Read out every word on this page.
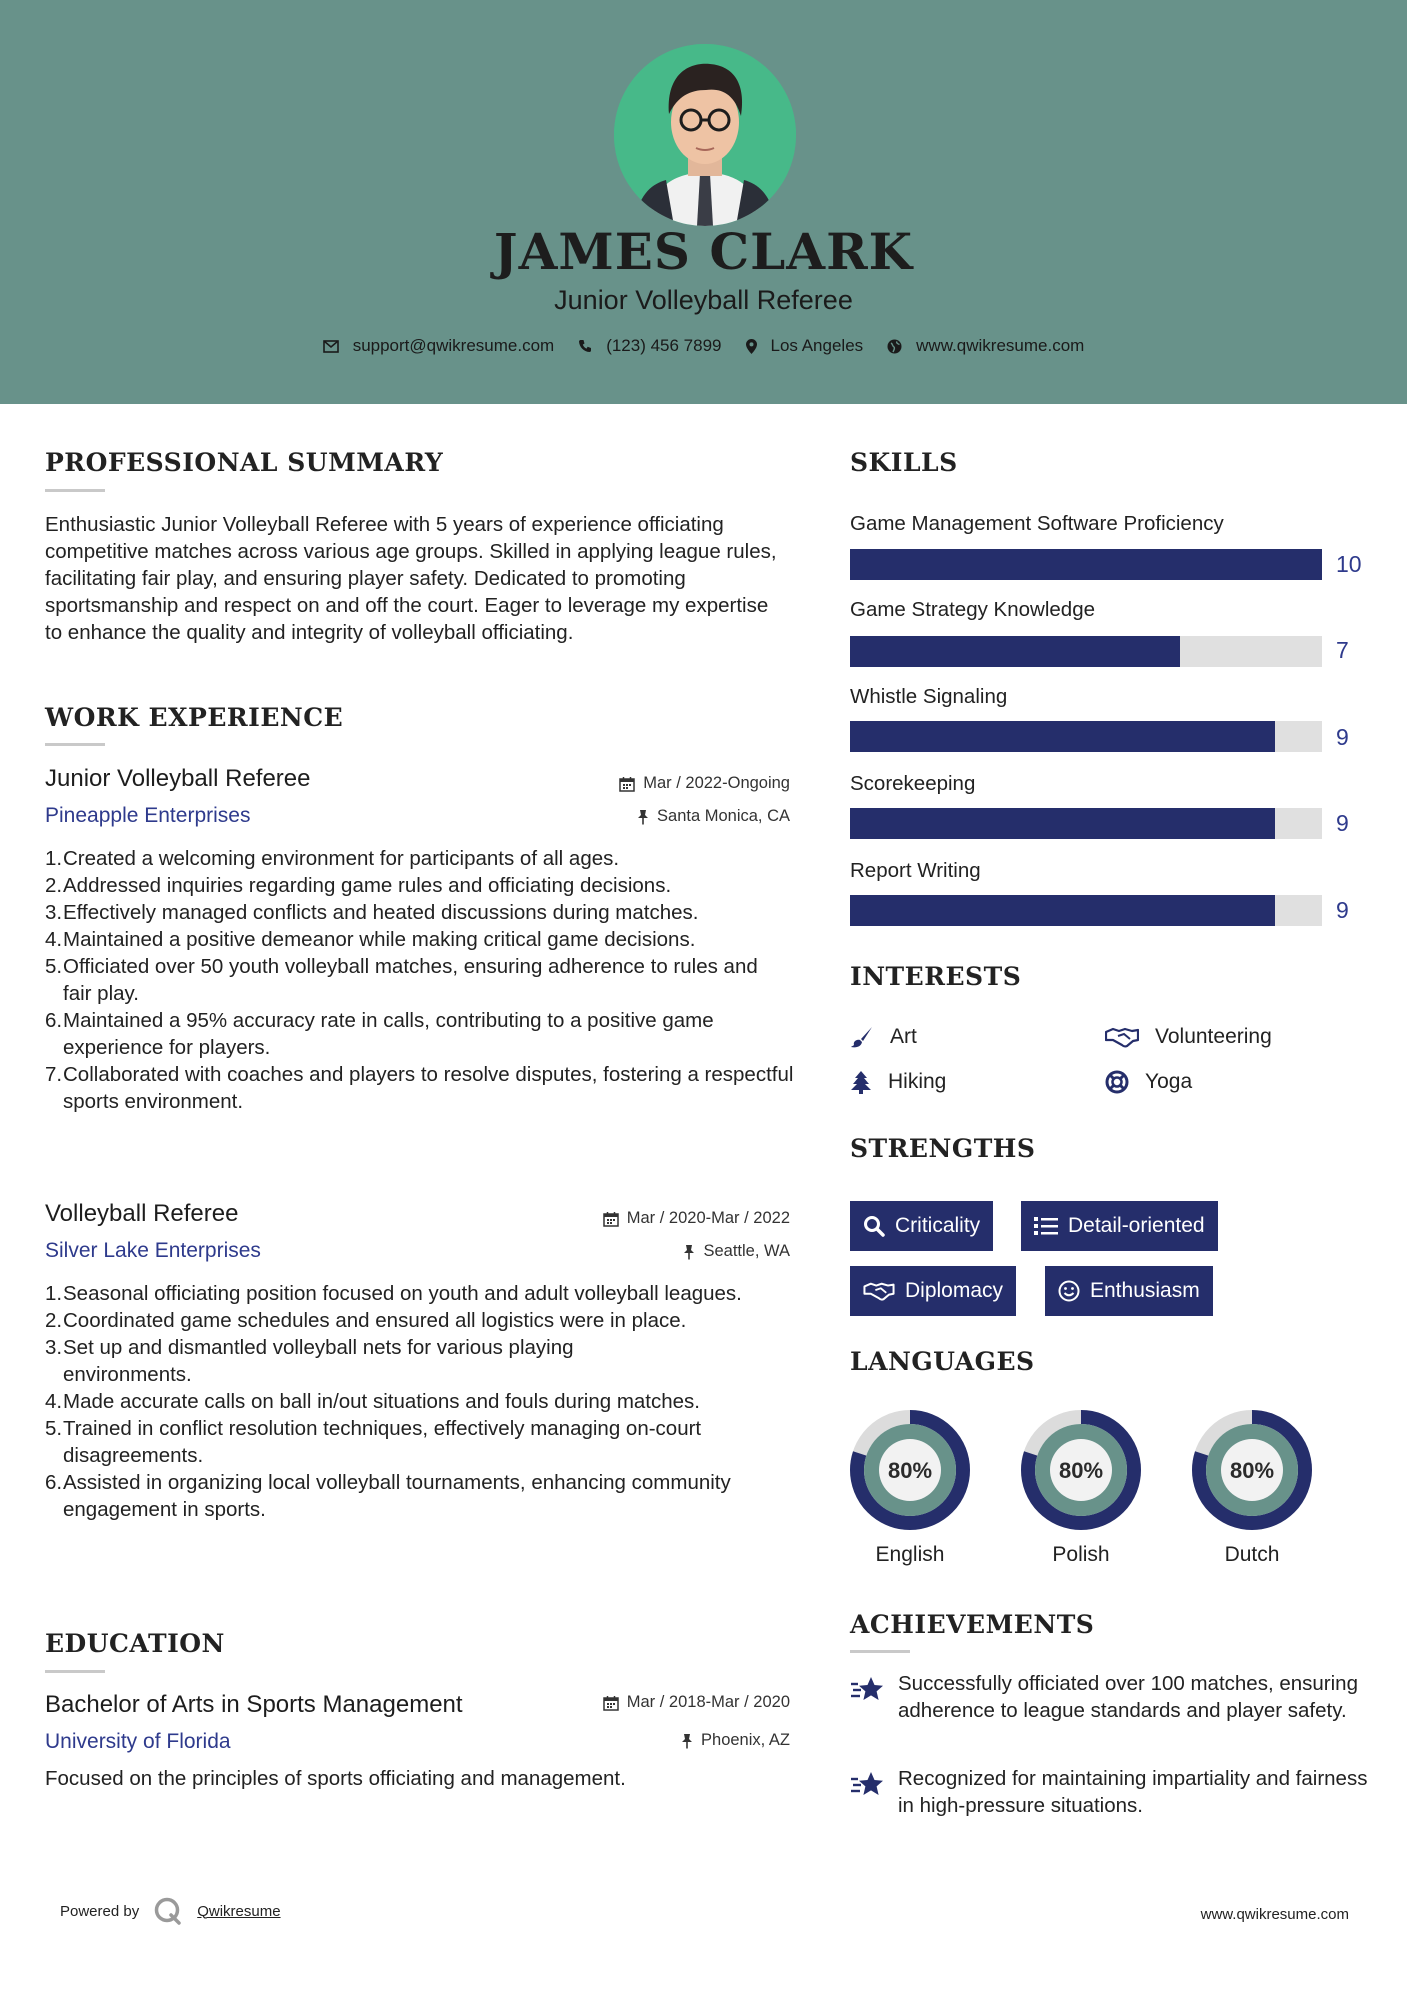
JAMES CLARK
Junior Volleyball Referee
support@qwikresume.com	(123) 456 7899	Los Angeles	www.qwikresume.com
PROFESSIONAL SUMMARY
Enthusiastic Junior Volleyball Referee with 5 years of experience officiating competitive matches across various age groups. Skilled in applying league rules, facilitating fair play, and ensuring player safety. Dedicated to promoting sportsmanship and respect on and off the court. Eager to leverage my expertise to enhance the quality and integrity of volleyball officiating.
WORK EXPERIENCE
Junior Volleyball Referee	Mar / 2022-Ongoing
Pineapple Enterprises	Santa Monica, CA
1. Created a welcoming environment for participants of all ages.
2. Addressed inquiries regarding game rules and officiating decisions.
3. Effectively managed conflicts and heated discussions during matches.
4. Maintained a positive demeanor while making critical game decisions.
5. Officiated over 50 youth volleyball matches, ensuring adherence to rules and fair play.
6. Maintained a 95% accuracy rate in calls, contributing to a positive game experience for players.
7. Collaborated with coaches and players to resolve disputes, fostering a respectful sports environment.
Volleyball Referee	Mar / 2020-Mar / 2022
Silver Lake Enterprises	Seattle, WA
1. Seasonal officiating position focused on youth and adult volleyball leagues.
2. Coordinated game schedules and ensured all logistics were in place.
3. Set up and dismantled volleyball nets for various playing environments.
4. Made accurate calls on ball in/out situations and fouls during matches.
5. Trained in conflict resolution techniques, effectively managing on-court disagreements.
6. Assisted in organizing local volleyball tournaments, enhancing community engagement in sports.
EDUCATION
Bachelor of Arts in Sports Management	Mar / 2018-Mar / 2020
University of Florida	Phoenix, AZ
Focused on the principles of sports officiating and management.
SKILLS
Game Management Software Proficiency
10
Game Strategy Knowledge
7
Whistle Signaling
9
Scorekeeping
9
Report Writing
9
INTERESTS
Art	Volunteering
Hiking	Yoga
STRENGTHS
Criticality	Detail-oriented
Diplomacy	Enthusiasm
LANGUAGES
80%
English
80%
Polish
80%
Dutch
ACHIEVEMENTS
Successfully officiated over 100 matches, ensuring adherence to league standards and player safety.
Recognized for maintaining impartiality and fairness in high-pressure situations.
Powered by	Qwikresume	www.qwikresume.com
